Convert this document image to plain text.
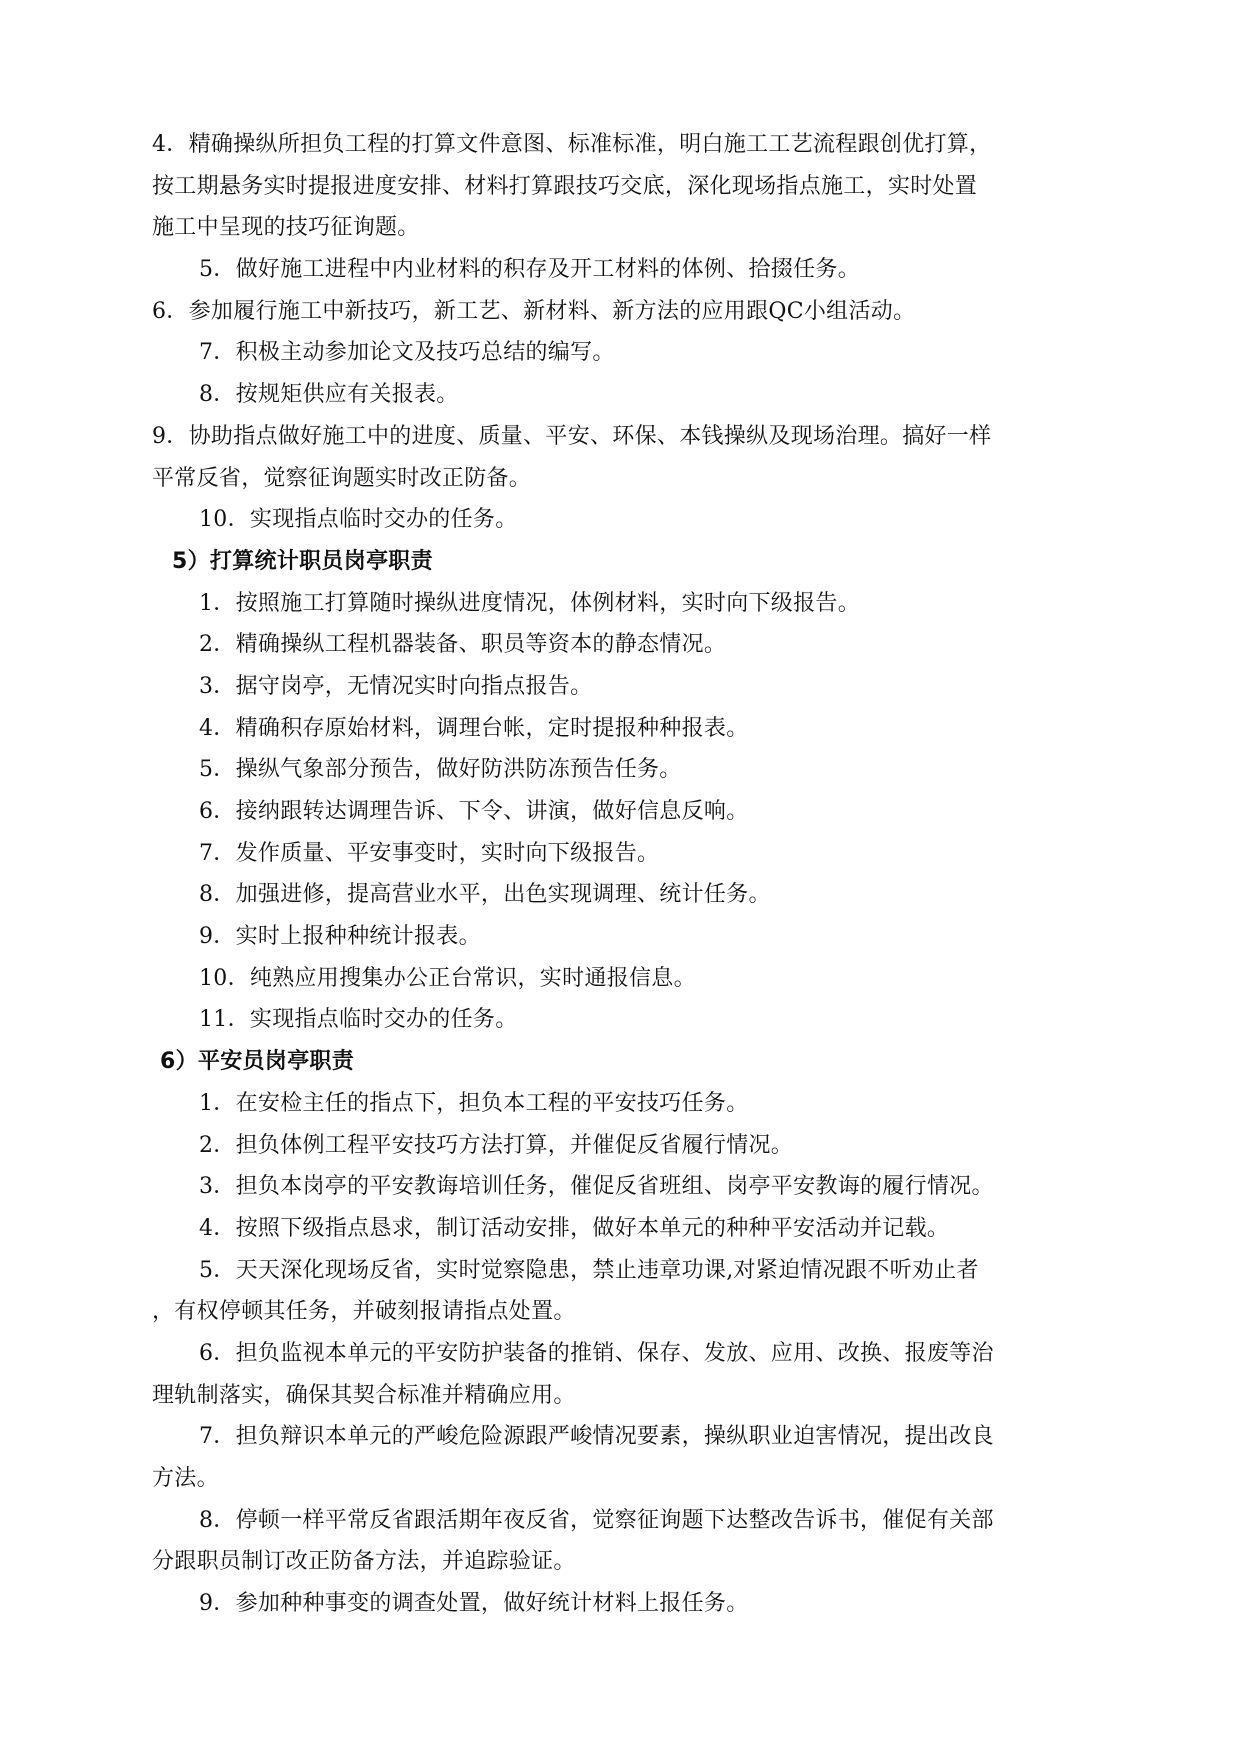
4．精确操纵所担负工程的打算文件意图、标准标准，明白施工工艺流程跟创优打算，
按工期悬务实时提报进度安排、材料打算跟技巧交底，深化现场指点施工，实时处置
施工中呈现的技巧征询题。
5．做好施工进程中内业材料的积存及开工材料的体例、拾掇任务。
6．参加履行施工中新技巧，新工艺、新材料、新方法的应用跟QC小组活动。
7．积极主动参加论文及技巧总结的编写。
8．按规矩供应有关报表。
9．协助指点做好施工中的进度、质量、平安、环保、本钱操纵及现场治理。搞好一样
平常反省，觉察征询题实时改正防备。
10．实现指点临时交办的任务。
5）打算统计职员岗亭职责
1．按照施工打算随时操纵进度情况，体例材料，实时向下级报告。
2．精确操纵工程机器装备、职员等资本的静态情况。
3．据守岗亭，无情况实时向指点报告。
4．精确积存原始材料，调理台帐，定时提报种种报表。
5．操纵气象部分预告，做好防洪防冻预告任务。
6．接纳跟转达调理告诉、下令、讲演，做好信息反响。
7．发作质量、平安事变时，实时向下级报告。
8．加强进修，提高营业水平，出色实现调理、统计任务。
9．实时上报种种统计报表。
10．纯熟应用搜集办公正台常识，实时通报信息。
11．实现指点临时交办的任务。
6）平安员岗亭职责
1．在安检主任的指点下，担负本工程的平安技巧任务。
2．担负体例工程平安技巧方法打算，并催促反省履行情况。
3．担负本岗亭的平安教诲培训任务，催促反省班组、岗亭平安教诲的履行情况。
4．按照下级指点恳求，制订活动安排，做好本单元的种种平安活动并记载。
5．天天深化现场反省，实时觉察隐患，禁止违章功课,对紧迫情况跟不听劝止者
，有权停顿其任务，并破刻报请指点处置。
6．担负监视本单元的平安防护装备的推销、保存、发放、应用、改换、报废等治
理轨制落实，确保其契合标准并精确应用。
7．担负辩识本单元的严峻危险源跟严峻情况要素，操纵职业迫害情况，提出改良
方法。
8．停顿一样平常反省跟活期年夜反省，觉察征询题下达整改告诉书，催促有关部
分跟职员制订改正防备方法，并追踪验证。
9．参加种种事变的调查处置，做好统计材料上报任务。
